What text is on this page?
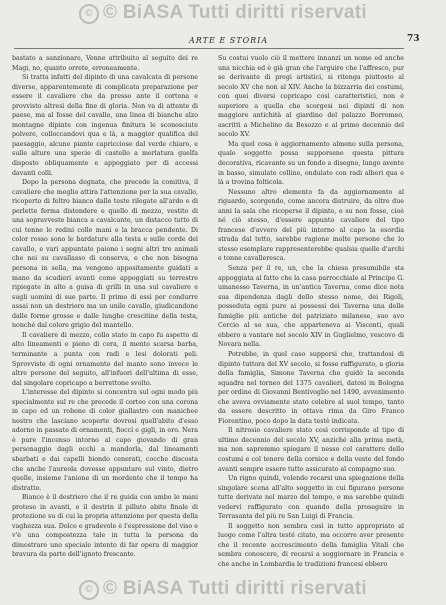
© © BiASA Tutti diritti riservati
ARTE E STORIA	73

bastato a sanzionare, Venne attribuito al seguito dei re Magi, no, quanto orrete, erroneamente.

Si tratta infatti del dipinto di una cavalcata di persone diverse, apparentemente di complicata preparazione per essere il cavaliere che da presso ante il cortona e provvisto altresì della fine di gloria. Non va di attente di paese, ma al fosse del cavallo, una linea di bianche alzo montagne dipinte con ingenua finitura le sconosciute polvere, colloccandovi qua e là, a maggior qualifica del paesaggio, alcune piante capricciose dal verde chiaro, e sulle alture una specie di castello a merlatura guelfa disposto obliquamente e appoggiato per di accessi davanti colli.

Dopo la persona degnata, che precede la comitiva, il cavaliere che meglio attira l'attenzione per la sua cavallo, ricoperto di feltro bianco dalle teste rilegate all'ardo e di perlette ferma distendere e quello di mezzo, vestito di una sopravveste bianca a cavalcante, un distacco tutto di cui tenne le redini colle mani e la bracca pendente. Di color rosso sono le bardature alla testa e sulle corde del cavallo, e vari appuntate paiono i segni altri tre animali che nei su cavallasso di conserva, e che non bisogna persona in sella, ma vengono appositamente guidati a mano da scudieri avanti come appoggiati su terrestre ripiegate in alto a guisa di grilli in una sul cavaliere e sugli uomini di sue parte. Il primo di essi per condurre assai non un destriero ma un unile cavallo, giudicandone dalle forme grosse e dalle lunghe crescitine della testa, nonché dal colore grigio del mantello.

Il cavaliere di mezzo, collo stato in capo fu aspetto di alto lineamenti e pieno di cera, il mento scarsa barba, terminante a punta con radi e lesi dolorati peli. Sprovviste di ogni ornamento del manto sono invece le altre persone del seguito, all'infuori dell'ultima di esse, dal singolare copricapo a berrettone svolto.

L'interesse del dipinto si concentra sul ogni modo più specialmente sul re che precede il corteo con una corona in capo ed un robone di color giallastro con manichee nostro che lasciano scoperte dovrosi quell'abito d'esso adorno in passate di ornamenti, fiocci e gigli, in oro. Nera è pure l'incenso intorno al capo giovando di gran personaggio dagli occhi a mandorla, dal lineamenti sbarbati e dai capelli biondo cenerati, cocche discosta che anche l'aureola dovesse appuntare sul vinto, dietro quelle, insieme l'anione di un mordente che il tempo ha distratto.

Bianco è il destriero che il re guida con ambo le mani protese in avanti, e il destrin il pilluto abito finale di protezione su di cui la propria attenzione per questa della vaghezza sua. Dolce e gradevole è l'espressione del viso e v'è una compostezza tale in tutta la persona da dimostrare uno speciale intento di far opera di maggior bravura da parte dell'ignoto frescante.

Su costui vuolo ciò il mettere innanzi un nome ed anche una nicchia ed è già gran che l'arguire che l'affresco, pur se derivante di pregi artistici, si ritenga piuttosto al secolo XV che non al XIV. Anche la bizzarria dei costumi, con quei diversi copricapo così caratteristici, non è superiore a quella che scorgesi nei dipinti di non maggiore antichità al giardino del palazzo Borromeo, ascritti a Michelino da Besozzo e al primo decennio del secolo XV.

Ma quel cosa è aggiornamento almeno sulla persona, quale soggetto possa supporsene questa pittura decorativa, ricavante su un fondo a disegno, lungo avente in basso, simulate colline, ondulate con radi alberi qua e là a trovina folticola.

Nessuno altro elemento fa da aggiornamento al riguardo, scorgendo, come ancora distruire, da oltre due anni la sala che ricoperse il dipinto, e su non fosse, cioè né ciò stesso, d'essere appunto cavaliere del tipo francese d'avvero del più interno al capo la esordia strada dal tetto, sarebbe ragione molte persone che lo stesso esemplare rappresenterebbe qualsia quelle d'archi e tonne cavalleresca.

Senza per il re, un, che la chiesa presumibile sta appoggiata al fatto che la casa parrocchiale al Principe G. umanesso Taverna, in un'antica Taverna, come dice nota sua dipendenza dagli dello stesso nome, dei Rigoli, posseduta ogni pure ai possessi dei Taverna una delle famiglie più antiche del patriziato milanese, suo avo Cercio al so sua, che apparteneva ai Visconti, quali ebbero a vantare nel secolo XIV in Guglielmo, vescovo di Novara nella.

Potrebbe, in quel caso supporsi che, trattandosi di dipinto tuttora del XV secolo, si fosse raffigurato, a gloria della famiglia, Simone Taverna che guidò la seconda squadra nel torneo del 1375 cavalieri, datosi in Bologna per ordine di Giovanni Bentivoglio nel 1490, avvenimento che aveva ovviamente stato celebre al suol tempo, tanto da essere descritto in ottava rima da Giro Franco Fiorentino, poco dopo la data testè indicata.

Il nitrosio cavaliere stato così corrisponde al tipo di ultimo decennio del secolo XV, anziché alla prima metà, ma non sapremmo spiegare il nesso col carattere dello costumi e col tenore della cornice e della veste del fondo avanti sempre essere tutto assicurato al compagno suo.

Un rigno quindi, volendo recarsi una spiegazione della singolare scena all'alto soggetto in cui figurano persone tutte derivate nel marzo del tempo, e ma sarebbe quindi vedervi raffigurato con quando della proseguire in Terrasanta del più re San Luigi di Francia.

Il soggetto non sembra così in tutto appropriato al luogo come l'altra testé citato, ma occorre aver presente che il recente accrescimento della famiglia Vitali che sembra conoscere, di recarsi a soggiornare in Francia e che anche in Lombardia le tradizioni francesi ebbero

© © BiASA Tutti diritti riservati
